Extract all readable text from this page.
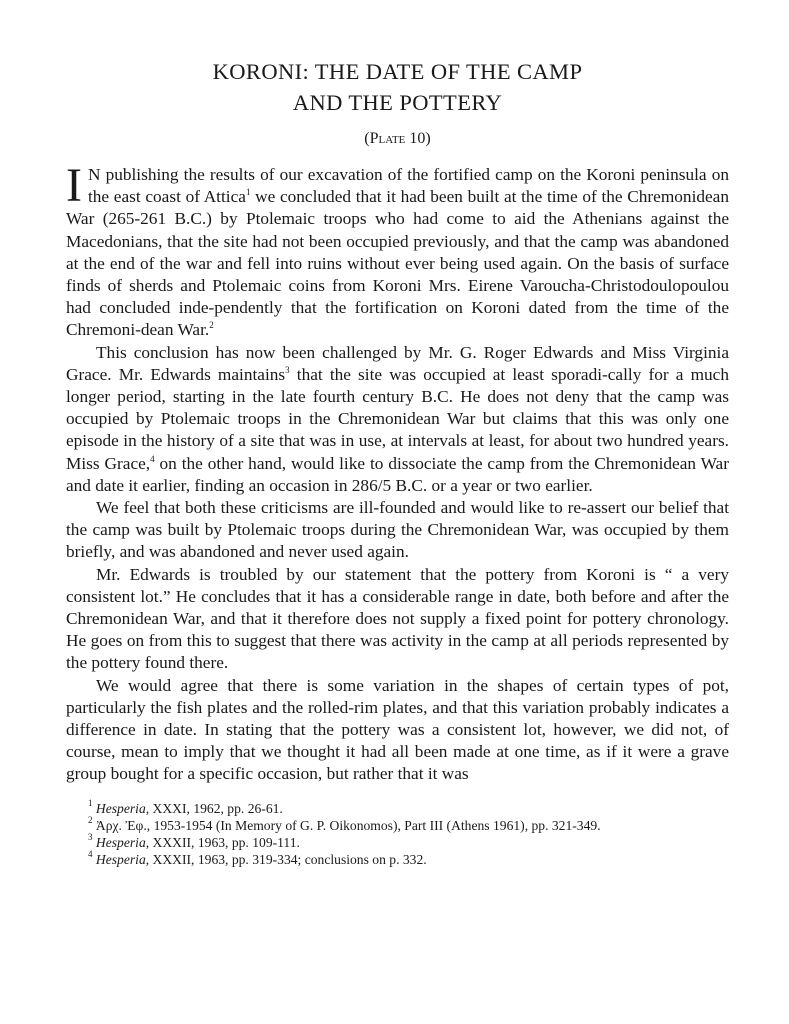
KORONI: THE DATE OF THE CAMP
AND THE POTTERY
(Plate 10)

I N publishing the results of our excavation of the fortified camp on the Koroni peninsula on the east coast of Attica$^1$ we concluded that it had been built at the time of the Chremonidean War (265-261 B.C.) by Ptolemaic troops who had come to aid the Athenians against the Macedonians, that the site had not been occupied previously, and that the camp was abandoned at the end of the war and fell into ruins without ever being used again. On the basis of surface finds of sherds and Ptolemaic coins from Koroni Mrs. Eirene Varoucha-Christodoulopoulou had concluded inde-pendently that the fortification on Koroni dated from the time of the Chremoni-dean War.$^2$

This conclusion has now been challenged by Mr. G. Roger Edwards and Miss Virginia Grace. Mr. Edwards maintains$^3$ that the site was occupied at least sporadi-cally for a much longer period, starting in the late fourth century B.C. He does not deny that the camp was occupied by Ptolemaic troops in the Chremonidean War but claims that this was only one episode in the history of a site that was in use, at intervals at least, for about two hundred years. Miss Grace,$^4$ on the other hand, would like to dissociate the camp from the Chremonidean War and date it earlier, finding an occasion in 286/5 B.C. or a year or two earlier.

We feel that both these criticisms are ill-founded and would like to re-assert our belief that the camp was built by Ptolemaic troops during the Chremonidean War, was occupied by them briefly, and was abandoned and never used again.

Mr. Edwards is troubled by our statement that the pottery from Koroni is “ a very consistent lot.” He concludes that it has a considerable range in date, both before and after the Chremonidean War, and that it therefore does not supply a fixed point for pottery chronology. He goes on from this to suggest that there was activity in the camp at all periods represented by the pottery found there.

We would agree that there is some variation in the shapes of certain types of pot, particularly the fish plates and the rolled-rim plates, and that this variation probably indicates a difference in date. In stating that the pottery was a consistent lot, however, we did not, of course, mean to imply that we thought it had all been made at one time, as if it were a grave group bought for a specific occasion, but rather that it was

$^1$ Hesperia, XXXI, 1962, pp. 26-61.
$^2$ Ἀρχ. Ἐφ., 1953-1954 (In Memory of G. P. Oikonomos), Part III (Athens 1961), pp. 321-349.
$^3$ Hesperia, XXXII, 1963, pp. 109-111.
$^4$ Hesperia, XXXII, 1963, pp. 319-334; conclusions on p. 332.
